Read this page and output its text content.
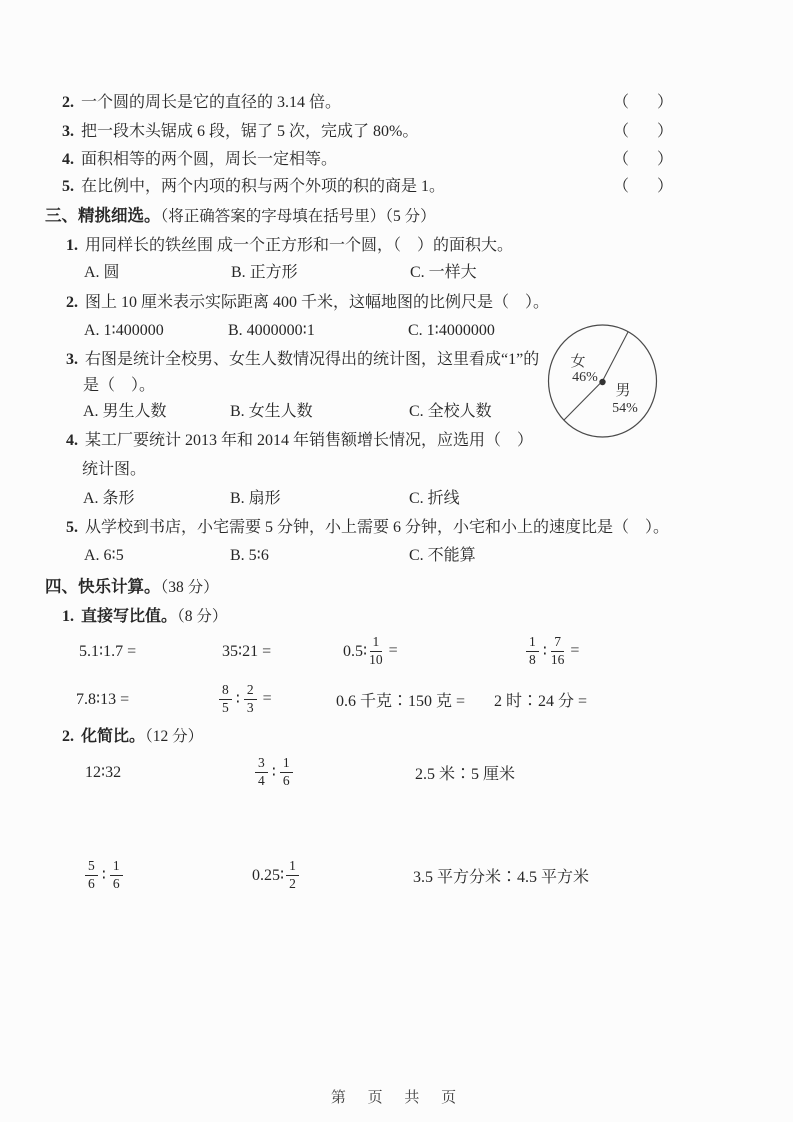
2. 一个圆的周长是它的直径的 3.14 倍。	（　）
3. 把一段木头锯成 6 段，锯了 5 次，完成了 80%。	（　）
4. 面积相等的两个圆，周长一定相等。	（　）
5. 在比例中，两个内项的积与两个外项的积的商是 1。	（　）
三、精挑细选。（将正确答案的字母填在括号里）（5 分）
1. 用同样长的铁丝围 成一个正方形和一个圆，（　）的面积大。
A. 圆	B. 正方形	C. 一样大
2. 图上 10 厘米表示实际距离 400 千米，这幅地图的比例尺是（　）。
A. 1∶400000	B. 4000000∶1	C. 1∶4000000
3. 右图是统计全校男、女生人数情况得出的统计图，这里看成“1”的
是（　）。
A. 男生人数	B. 女生人数	C. 全校人数
女
46%
男
54%
4. 某工厂要统计 2013 年和 2014 年销售额增长情况，应选用（　）
统计图。
A. 条形	B. 扇形	C. 折线
5. 从学校到书店，小宅需要 5 分钟，小上需要 6 分钟，小宅和小上的速度比是（　）。
A. 6∶5	B. 5∶6	C. 不能算
四、快乐计算。（38 分）
1. 直接写比值。（8 分）
5.1∶1.7 =	35∶21 =	0.5∶ $\frac{1}{10}$ =	$\frac{1}{8}$ ∶ $\frac{7}{16}$ =
7.8∶13 =	$\frac{8}{5}$ ∶ $\frac{2}{3}$ =	0.6 千克∶150 克 = 2 时∶24 分 =
2. 化简比。（12 分）
12∶32	$\frac{3}{4}$ ∶ $\frac{1}{6}$	2.5 米∶5 厘米
$\frac{5}{6}$ ∶ $\frac{1}{6}$	0.25∶ $\frac{1}{2}$	3.5 平方分米∶4.5 平方米
第 页 共 页
